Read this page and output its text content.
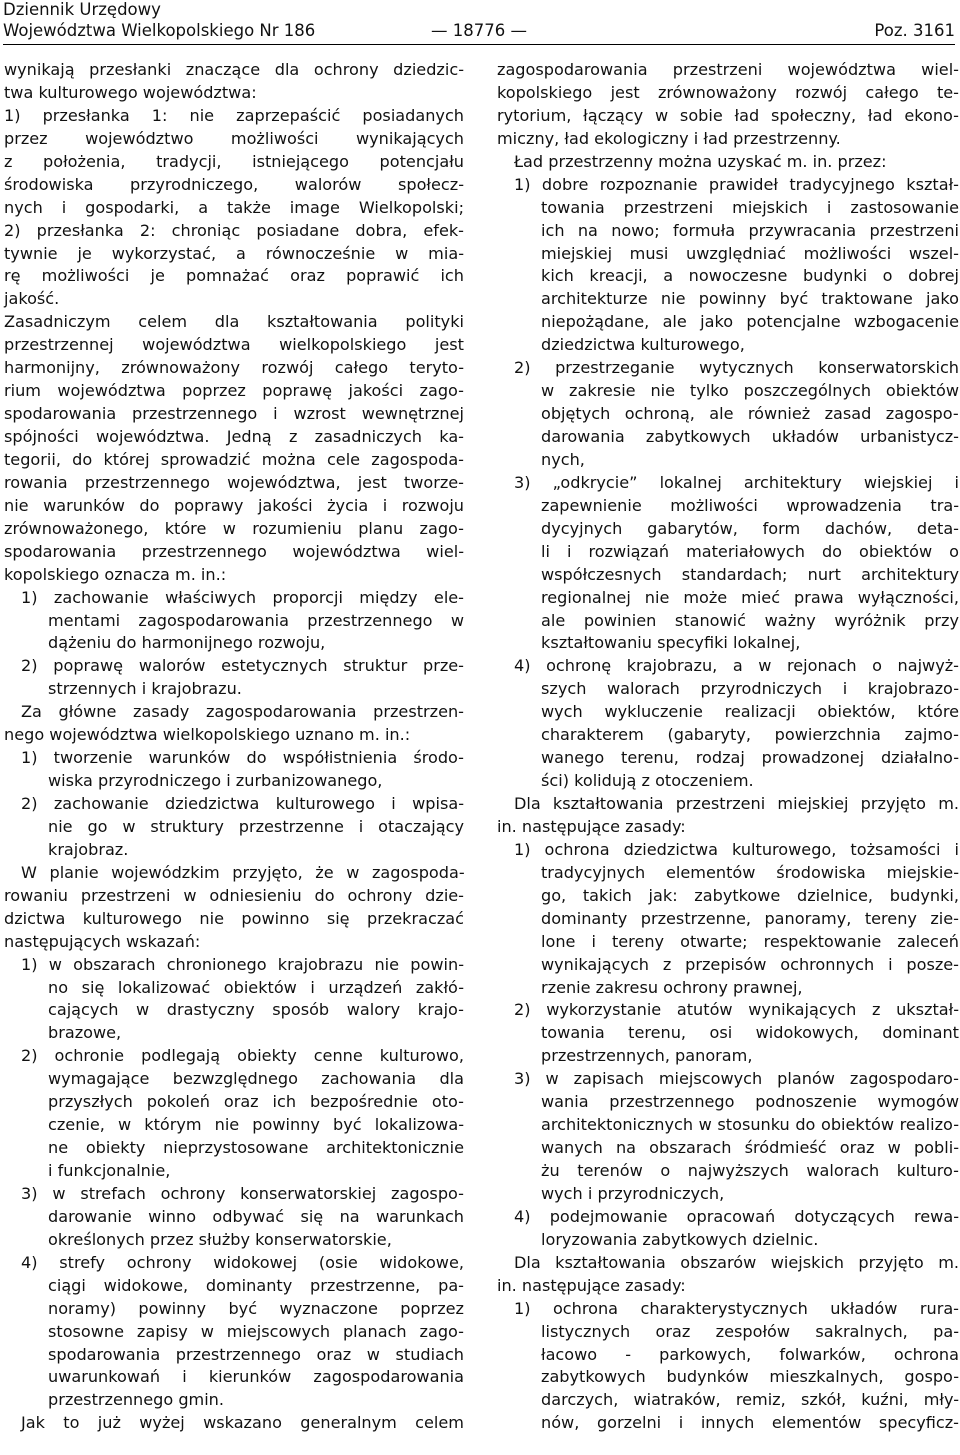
Dziennik Urzędowy
Województwa Wielkopolskiego Nr 186	— 18776 —	Poz. 3161
wynikają przesłanki znaczące dla ochrony dziedzic-
twa kulturowego województwa:
1) przesłanka 1: nie zaprzepaścić posiadanych
przez województwo możliwości wynikających
z położenia, tradycji, istniejącego potencjału
środowiska przyrodniczego, walorów społecz-
nych i gospodarki, a także image Wielkopolski;
2) przesłanka 2: chroniąc posiadane dobra, efek-
tywnie je wykorzystać, a równocześnie w mia-
rę możliwości je pomnażać oraz poprawić ich
jakość.
Zasadniczym celem dla kształtowania polityki
przestrzennej województwa wielkopolskiego jest
harmonijny, zrównoważony rozwój całego teryto-
rium województwa poprzez poprawę jakości zago-
spodarowania przestrzennego i wzrost wewnętrznej
spójności województwa. Jedną z zasadniczych ka-
tegorii, do której sprowadzić można cele zagospoda-
rowania przestrzennego województwa, jest tworze-
nie warunków do poprawy jakości życia i rozwoju
zrównoważonego, które w rozumieniu planu zago-
spodarowania przestrzennego województwa wiel-
kopolskiego oznacza m. in.:
1) zachowanie właściwych proporcji między ele-
mentami zagospodarowania przestrzennego w
dążeniu do harmonijnego rozwoju,
2) poprawę walorów estetycznych struktur prze-
strzennych i krajobrazu.
Za główne zasady zagospodarowania przestrzen-
nego województwa wielkopolskiego uznano m. in.:
1) tworzenie warunków do współistnienia środo-
wiska przyrodniczego i zurbanizowanego,
2) zachowanie dziedzictwa kulturowego i wpisa-
nie go w struktury przestrzenne i otaczający
krajobraz.
W planie wojewódzkim przyjęto, że w zagospoda-
rowaniu przestrzeni w odniesieniu do ochrony dzie-
dzictwa kulturowego nie powinno się przekraczać
następujących wskazań:
1) w obszarach chronionego krajobrazu nie powin-
no się lokalizować obiektów i urządzeń zakłó-
cających w drastyczny sposób walory krajo-
brazowe,
2) ochronie podlegają obiekty cenne kulturowo,
wymagające bezwzględnego zachowania dla
przyszłych pokoleń oraz ich bezpośrednie oto-
czenie, w którym nie powinny być lokalizowa-
ne obiekty nieprzystosowane architektonicznie
i funkcjonalnie,
3) w strefach ochrony konserwatorskiej zagospo-
darowanie winno odbywać się na warunkach
określonych przez służby konserwatorskie,
4) strefy ochrony widokowej (osie widokowe,
ciągi widokowe, dominanty przestrzenne, pa-
noramy) powinny być wyznaczone poprzez
stosowne zapisy w miejscowych planach zago-
spodarowania przestrzennego oraz w studiach
uwarunkowań i kierunków zagospodarowania
przestrzennego gmin.
Jak to już wyżej wskazano generalnym celem
zagospodarowania przestrzeni województwa wiel-
kopolskiego jest zrównoważony rozwój całego te-
rytorium, łączący w sobie ład społeczny, ład ekono-
miczny, ład ekologiczny i ład przestrzenny.
Ład przestrzenny można uzyskać m. in. przez:
1) dobre rozpoznanie prawideł tradycyjnego kształ-
towania przestrzeni miejskich i zastosowanie
ich na nowo; formuła przywracania przestrzeni
miejskiej musi uwzględniać możliwości wszel-
kich kreacji, a nowoczesne budynki o dobrej
architekturze nie powinny być traktowane jako
niepożądane, ale jako potencjalne wzbogacenie
dziedzictwa kulturowego,
2) przestrzeganie wytycznych konserwatorskich
w zakresie nie tylko poszczególnych obiektów
objętych ochroną, ale również zasad zagospo-
darowania zabytkowych układów urbanistycz-
nych,
3) „odkrycie” lokalnej architektury wiejskiej i
zapewnienie możliwości wprowadzenia tra-
dycyjnych gabarytów, form dachów, deta-
li i rozwiązań materiałowych do obiektów o
współczesnych standardach; nurt architektury
regionalnej nie może mieć prawa wyłączności,
ale powinien stanowić ważny wyróżnik przy
kształtowaniu specyfiki lokalnej,
4) ochronę krajobrazu, a w rejonach o najwyż-
szych walorach przyrodniczych i krajobrazo-
wych wykluczenie realizacji obiektów, które
charakterem (gabaryty, powierzchnia zajmo-
wanego terenu, rodzaj prowadzonej działalno-
ści) kolidują z otoczeniem.
Dla kształtowania przestrzeni miejskiej przyjęto m.
in. następujące zasady:
1) ochrona dziedzictwa kulturowego, tożsamości i
tradycyjnych elementów środowiska miejskie-
go, takich jak: zabytkowe dzielnice, budynki,
dominanty przestrzenne, panoramy, tereny zie-
lone i tereny otwarte; respektowanie zaleceń
wynikających z przepisów ochronnych i posze-
rzenie zakresu ochrony prawnej,
2) wykorzystanie atutów wynikających z ukształ-
towania terenu, osi widokowych, dominant
przestrzennych, panoram,
3) w zapisach miejscowych planów zagospodaro-
wania przestrzennego podnoszenie wymogów
architektonicznych w stosunku do obiektów realizo-
wanych na obszarach śródmieść oraz w pobli-
żu terenów o najwyższych walorach kulturo-
wych i przyrodniczych,
4) podejmowanie opracowań dotyczących rewa-
loryzowania zabytkowych dzielnic.
Dla kształtowania obszarów wiejskich przyjęto m.
in. następujące zasady:
1) ochrona charakterystycznych układów rura-
listycznych oraz zespołów sakralnych, pa-
łacowo - parkowych, folwarków, ochrona
zabytkowych budynków mieszkalnych, gospo-
darczych, wiatraków, remiz, szkół, kuźni, mły-
nów, gorzelni i innych elementów specyficz-
